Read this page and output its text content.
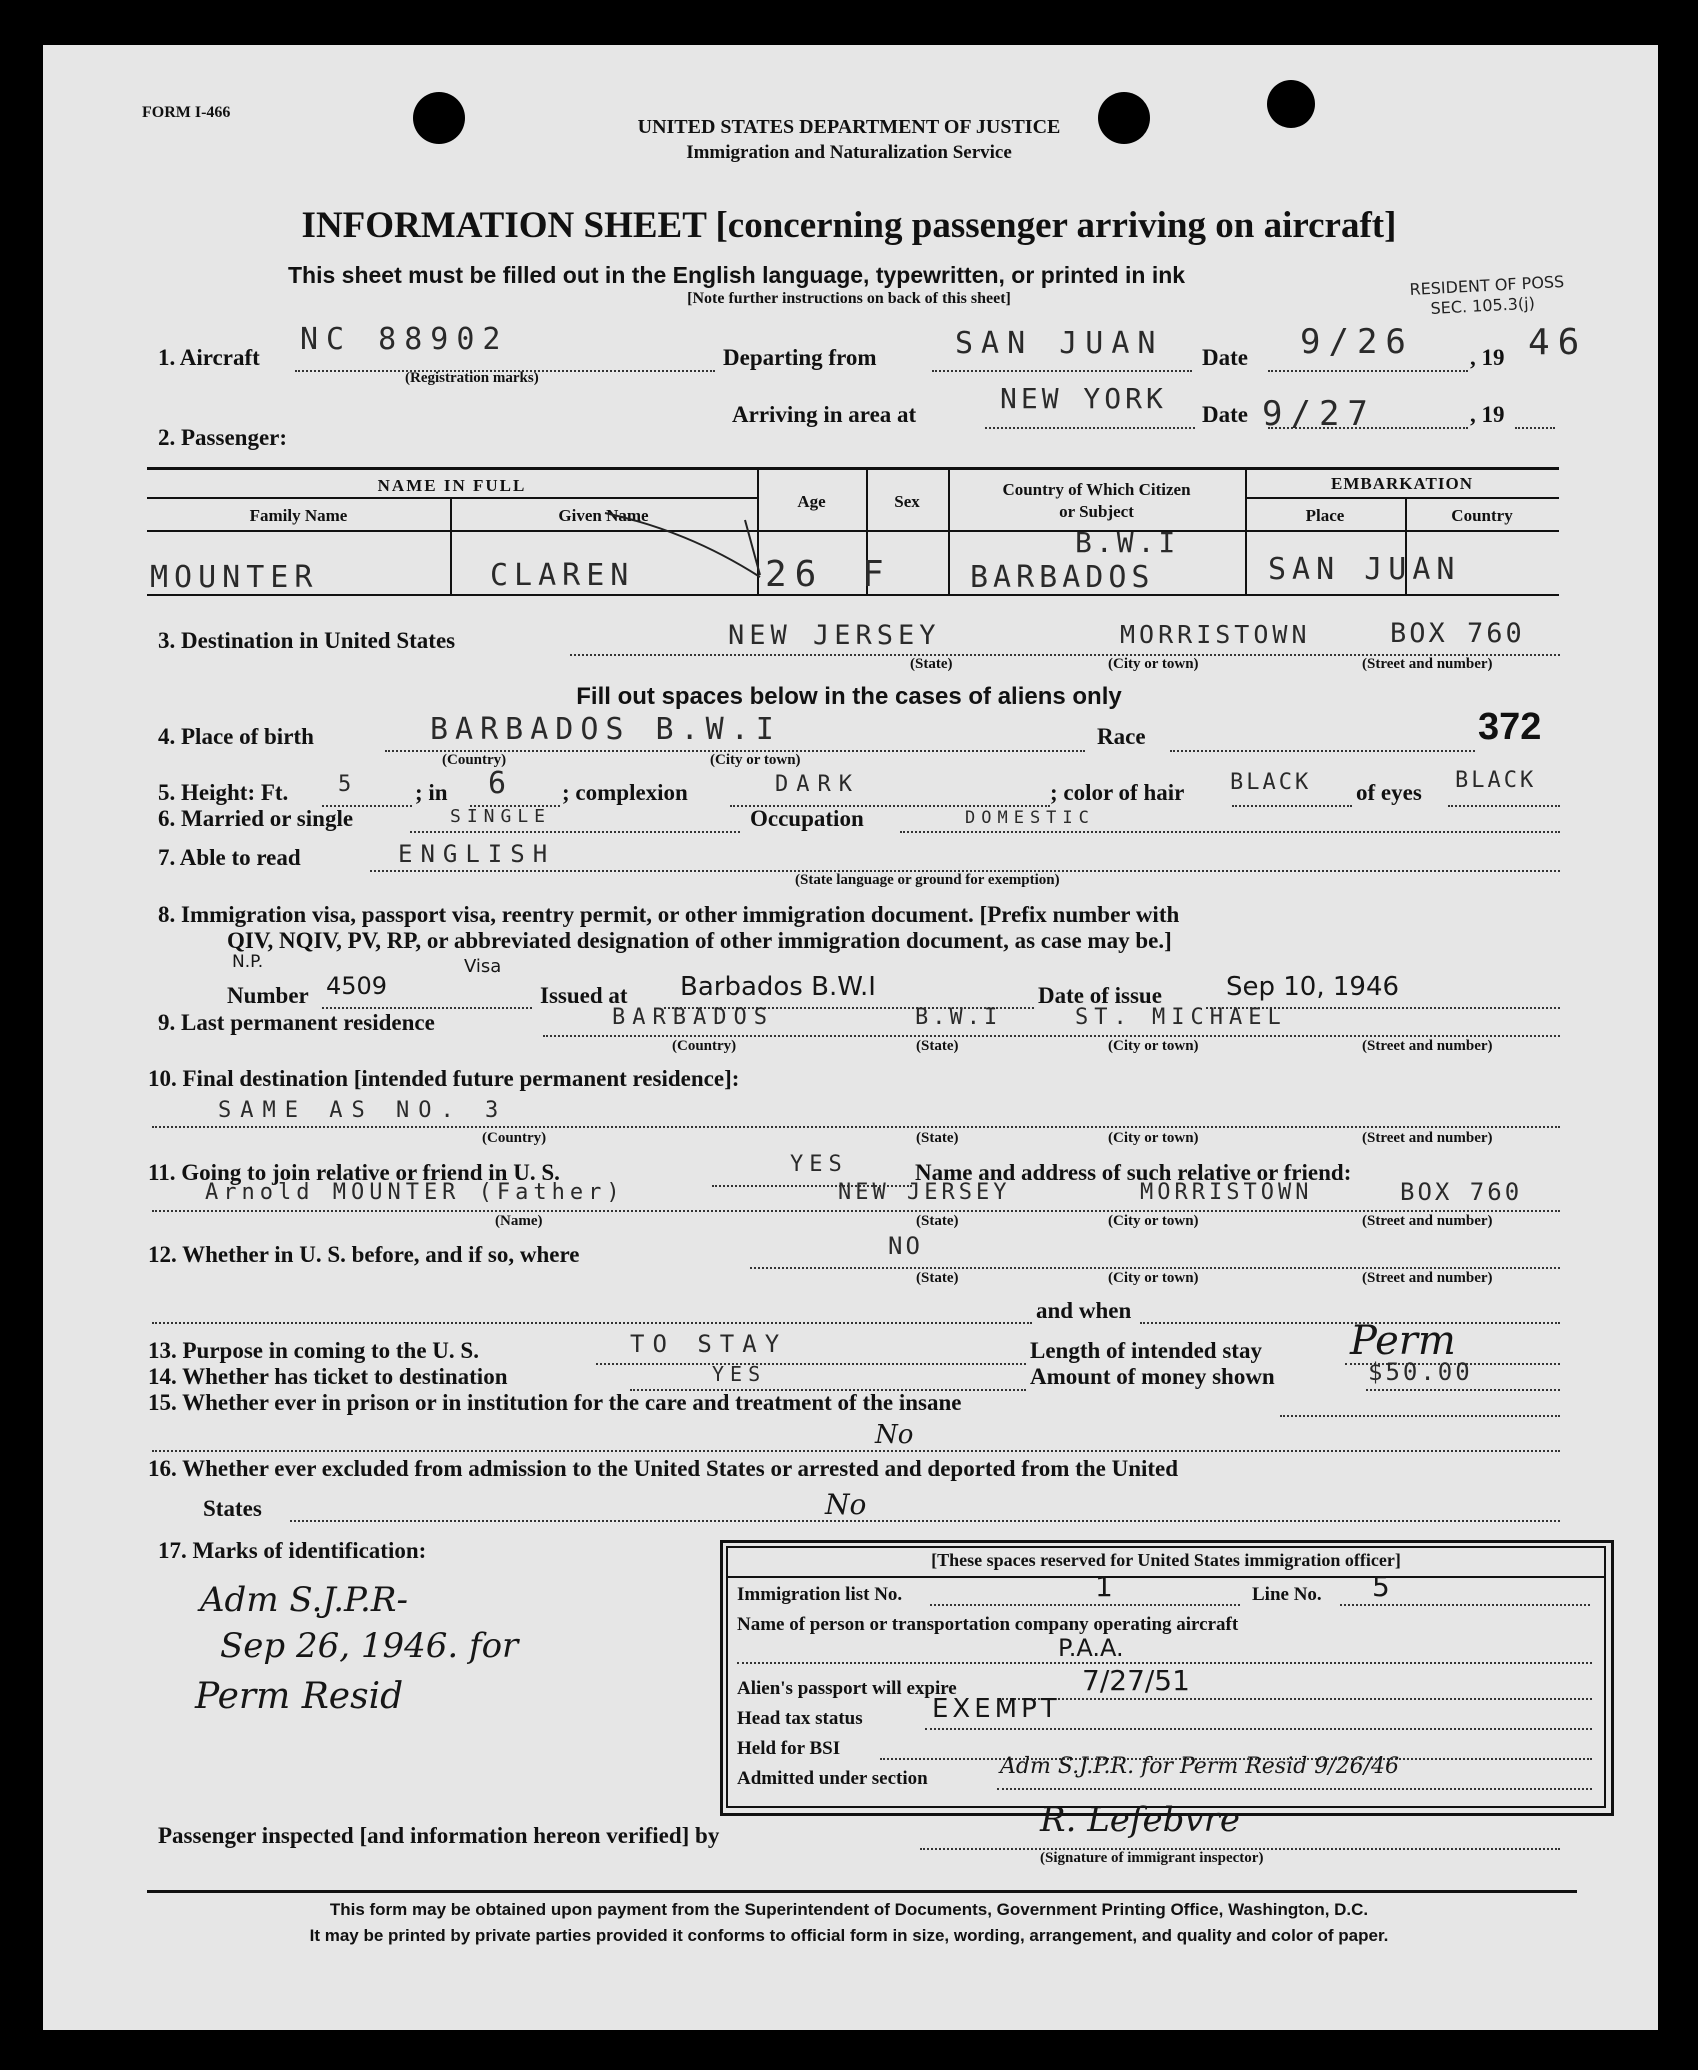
FORM I-466
UNITED STATES DEPARTMENT OF JUSTICE
Immigration and Naturalization Service
RESIDENT OF POSS
SEC. 105.3(j)
INFORMATION SHEET [concerning passenger arriving on aircraft]
This sheet must be filled out in the English language, typewritten, or printed in ink
[Note further instructions on back of this sheet]
1. Aircraft
NC 88902
(Registration marks)
Departing from	SAN JUAN Date 9/26 , 19 46
Arriving in area at	NEW YORK Date 9/27	, 19
2. Passenger:
NAME IN FULL
Family Name	Given Name
Age	Sex
Country of Which Citizen
or Subject
EMBARKATION
Place	Country
MOUNTER	CLAREN	26 F
B.W.I
BARBADOS	SAN JUAN
3. Destination in United States	NEW JERSEY	MORRISTOWN	BOX 760
(State)	(City or town)	(Street and number)
Fill out spaces below in the cases of aliens only
4. Place of birth	BARBADOS B.W.I
(Country)	(City or town)
Race	372
5. Height: Ft. 5 ; in 6 ; complexion	DARK	; color of hair BLACK of eyes BLACK
6. Married or single	SINGLE	Occupation	DOMESTIC
7. Able to read	ENGLISH
(State language or ground for exemption)
8. Immigration visa, passport visa, reentry permit, or other immigration document. [Prefix number with
QIV, NQIV, PV, RP, or abbreviated designation of other immigration document, as case may be.]
N.P.	Visa
Number 4509	Issued at Barbados B.W.I	Date of issue Sep 10, 1946
9. Last permanent residence	BARBADOS	B.W.I	ST. MICHAEL
(Country)	(State)	(City or town)	(Street and number)
10. Final destination [intended future permanent residence]:
SAME AS NO. 3
(Country)	(State)	(City or town)	(Street and number)
11. Going to join relative or friend in U. S.	YES	Name and address of such relative or friend:
Arnold MOUNTER (Father)	NEW JERSEY	MORRISTOWN	BOX 760
(Name)	(State)	(City or town)	(Street and number)
12. Whether in U. S. before, and if so, where	NO
(State)	(City or town)	(Street and number)
and when
13. Purpose in coming to the U. S.	TO STAY	Length of intended stay Perm
14. Whether has ticket to destination	YES	Amount of money shown	$50.00
15. Whether ever in prison or in institution for the care and treatment of the insane
No
16. Whether ever excluded from admission to the United States or arrested and deported from the United
States	No
17. Marks of identification:
Adm S.J.P.R-
Sep 26, 1946. for
Perm Resid
[These spaces reserved for United States immigration officer]
Immigration list No.	1	Line No. 5
Name of person or transportation company operating aircraft
P.A.A.
Alien's passport will expire	7/27/51
Head tax status	EXEMPT
Held for BSI
Admitted under section	Adm S.J.P.R. for Perm Resid 9/26/46
Passenger inspected [and information hereon verified] by	R. Lefebvre
(Signature of immigrant inspector)
This form may be obtained upon payment from the Superintendent of Documents, Government Printing Office, Washington, D.C.
It may be printed by private parties provided it conforms to official form in size, wording, arrangement, and quality and color of paper.
